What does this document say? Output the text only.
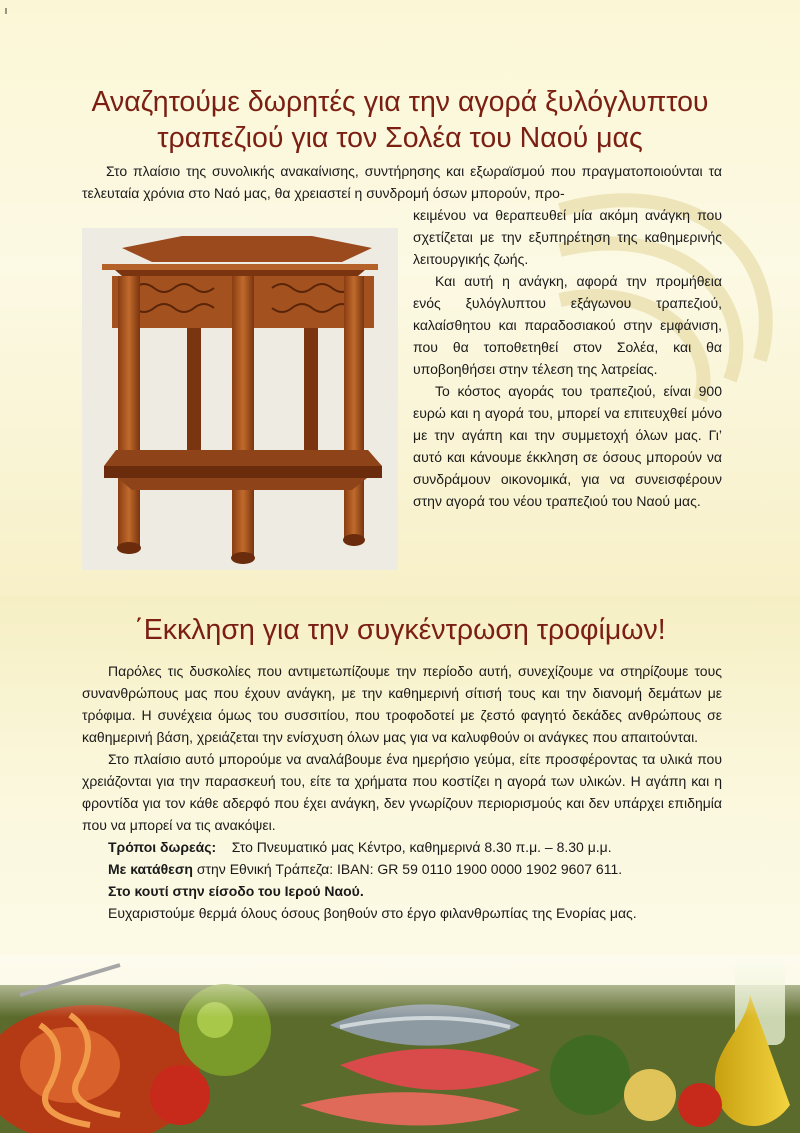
Αναζητούμε δωρητές για την αγορά ξυλόγλυπτου
τραπεζιού για τον Σολέα του Ναού μας

Στο πλαίσιο της συνολικής ανακαίνισης, συντήρησης και εξωραϊσμού που πραγματοποιούνται τα τελευταία χρόνια στο Ναό μας, θα χρειαστεί η συνδρομή όσων μπορούν, προ-

κειμένου να θεραπευθεί μία ακόμη ανάγκη που σχετίζεται με την εξυπηρέτηση της καθημερινής λειτουργικής ζωής.

Και αυτή η ανάγκη, αφορά την προμήθεια ενός ξυλόγλυπτου εξάγωνου τραπεζιού, καλαίσθητου και παραδοσιακού στην εμφάνιση, που θα τοποθετηθεί στον Σολέα, και θα υποβοηθήσει στην τέλεση της λατρείας.

Το κόστος αγοράς του τραπεζιού, είναι 900 ευρώ και η αγορά του, μπορεί να επιτευχθεί μόνο με την αγάπη και την συμμετοχή όλων μας. Γι’ αυτό και κάνουμε έκκληση σε όσους μπορούν να συνδράμουν οικονομικά, για να συνεισφέρουν στην αγορά του νέου τραπεζιού του Ναού μας.

΄Εκκληση για την συγκέντρωση τροφίμων!

Παρόλες τις δυσκολίες που αντιμετωπίζουμε την περίοδο αυτή, συνεχίζουμε να στηρίζουμε τους συνανθρώπους μας που έχουν ανάγκη, με την καθημερινή σίτισή τους και την διανομή δεμάτων με τρόφιμα. Η συνέχεια όμως του συσσιτίου, που τροφοδοτεί με ζεστό φαγητό δεκάδες ανθρώπους σε καθημερινή βάση, χρειάζεται την ενίσχυση όλων μας για να καλυφθούν οι ανάγκες που απαιτούνται.

Στο πλαίσιο αυτό μπορούμε να αναλάβουμε ένα ημερήσιο γεύμα, είτε προσφέροντας τα υλικά που χρειάζονται για την παρασκευή του, είτε τα χρήματα που κοστίζει η αγορά των υλικών. Η αγάπη και η φροντίδα για τον κάθε αδερφό που έχει ανάγκη, δεν γνωρίζουν περιορισμούς και δεν υπάρχει επιδημία που να μπορεί να τις ανακόψει.

Τρόποι δωρεάς: Στο Πνευματικό μας Κέντρο, καθημερινά 8.30 π.μ. – 8.30 μ.μ.

Με κατάθεση στην Εθνική Τράπεζα: IBAN: GR 59 0110 1900 0000 1902 9607 611.

Στο κουτί στην είσοδο του Ιερού Ναού.

Ευχαριστούμε θερμά όλους όσους βοηθούν στο έργο φιλανθρωπίας της Ενορίας μας.
